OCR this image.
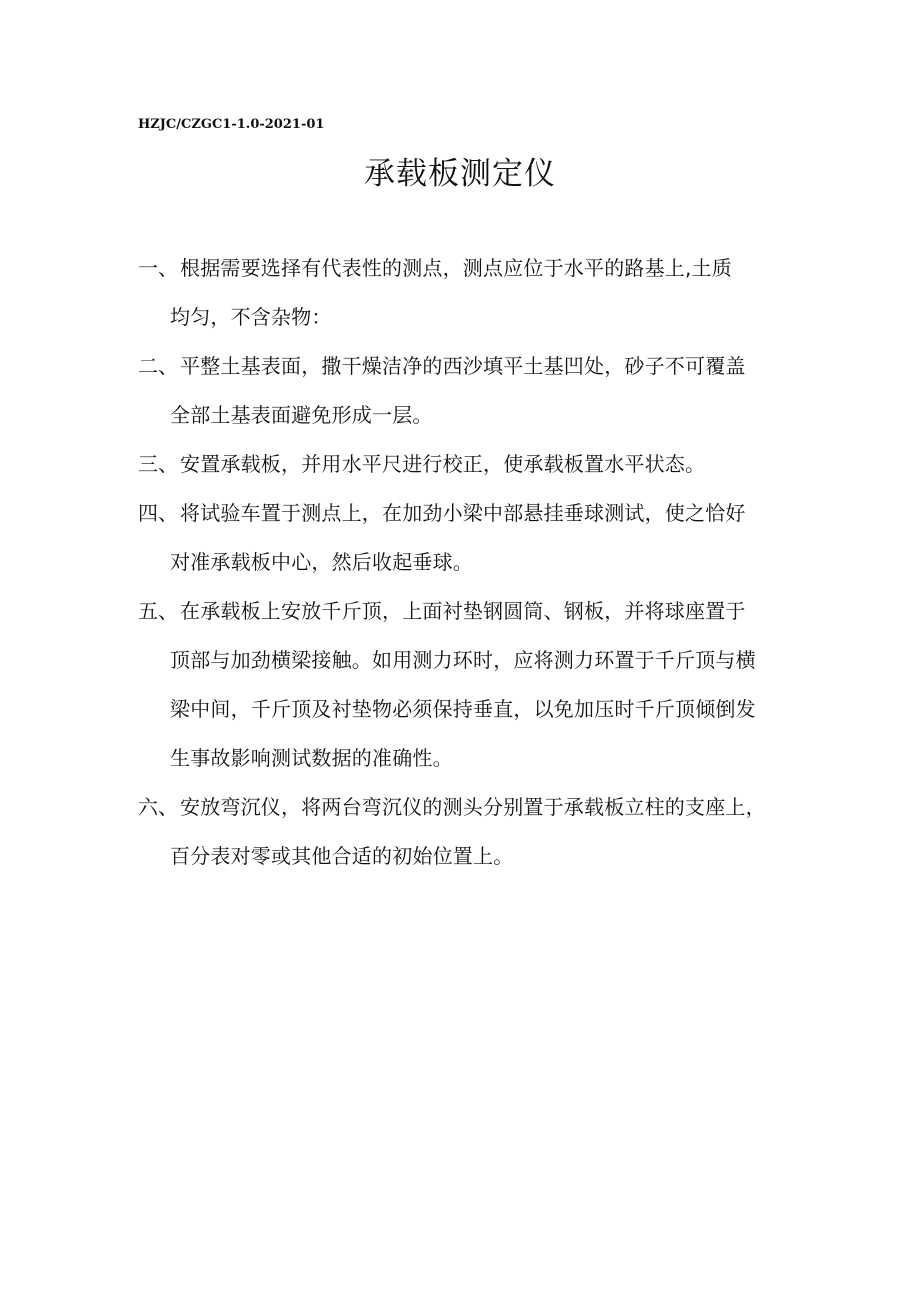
HZJC/CZGC1-1.0-2021-01
承载板测定仪
一、 根据需要选择有代表性的测点，测点应位于水平的路基上,土质
均匀，不含杂物：
二、 平整土基表面，撒干燥洁净的西沙填平土基凹处，砂子不可覆盖
全部土基表面避免形成一层。
三、 安置承载板，并用水平尺进行校正，使承载板置水平状态。
四、 将试验车置于测点上，在加劲小梁中部悬挂垂球测试，使之恰好
对准承载板中心，然后收起垂球。
五、 在承载板上安放千斤顶，上面衬垫钢圆筒、钢板，并将球座置于
顶部与加劲横梁接触。如用测力环时，应将测力环置于千斤顶与横
梁中间，千斤顶及衬垫物必须保持垂直，以免加压时千斤顶倾倒发
生事故影响测试数据的准确性。
六、 安放弯沉仪，将两台弯沉仪的测头分别置于承载板立柱的支座上，
百分表对零或其他合适的初始位置上。
